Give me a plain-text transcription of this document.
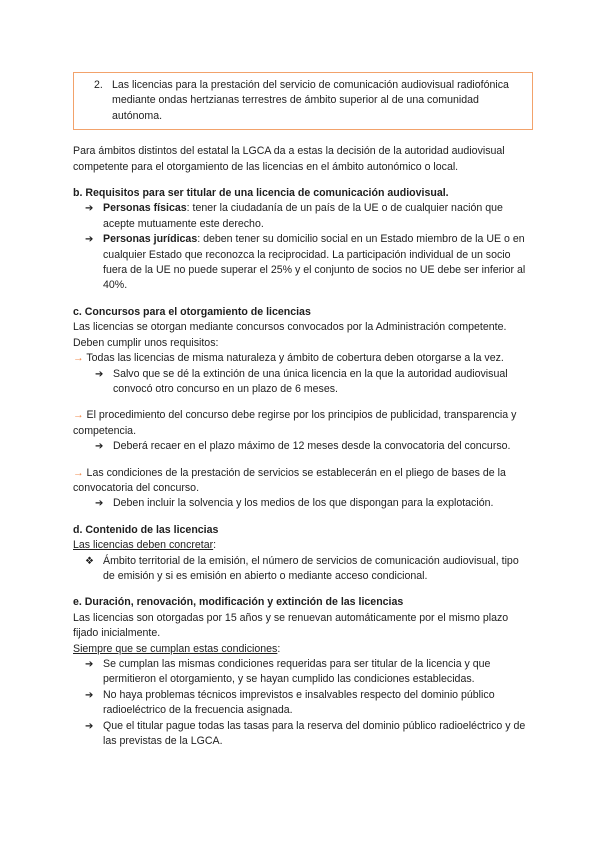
2. Las licencias para la prestación del servicio de comunicación audiovisual radiofónica mediante ondas hertzianas terrestres de ámbito superior al de una comunidad autónoma.

Para ámbitos distintos del estatal la LGCA da a estas la decisión de la autoridad audiovisual competente para el otorgamiento de las licencias en el ámbito autonómico o local.

b. Requisitos para ser titular de una licencia de comunicación audiovisual.
➔ Personas físicas: tener la ciudadanía de un país de la UE o de cualquier nación que acepte mutuamente este derecho.
➔ Personas jurídicas: deben tener su domicilio social en un Estado miembro de la UE o en cualquier Estado que reconozca la reciprocidad. La participación individual de un socio fuera de la UE no puede superar el 25% y el conjunto de socios no UE debe ser inferior al 40%.
c. Concursos para el otorgamiento de licencias

Las licencias se otorgan mediante concursos convocados por la Administración competente. Deben cumplir unos requisitos:

→ Todas las licencias de misma naturaleza y ámbito de cobertura deben otorgarse a la vez.

➔ Salvo que se dé la extinción de una única licencia en la que la autoridad audiovisual convocó otro concurso en un plazo de 6 meses.

→ El procedimiento del concurso debe regirse por los principios de publicidad, transparencia y competencia.

➔ Deberá recaer en el plazo máximo de 12 meses desde la convocatoria del concurso.

→ Las condiciones de la prestación de servicios se establecerán en el pliego de bases de la convocatoria del concurso.

➔ Deben incluir la solvencia y los medios de los que dispongan para la explotación.
d. Contenido de las licencias

Las licencias deben concretar:

❖ Ámbito territorial de la emisión, el número de servicios de comunicación audiovisual, tipo de emisión y si es emisión en abierto o mediante acceso condicional.
e. Duración, renovación, modificación y extinción de las licencias

Las licencias son otorgadas por 15 años y se renuevan automáticamente por el mismo plazo fijado inicialmente.

Siempre que se cumplan estas condiciones:

➔ Se cumplan las mismas condiciones requeridas para ser titular de la licencia y que permitieron el otorgamiento, y se hayan cumplido las condiciones establecidas.
➔ No haya problemas técnicos imprevistos e insalvables respecto del dominio público radioeléctrico de la frecuencia asignada.
➔ Que el titular pague todas las tasas para la reserva del dominio público radioeléctrico y de las previstas de la LGCA.
